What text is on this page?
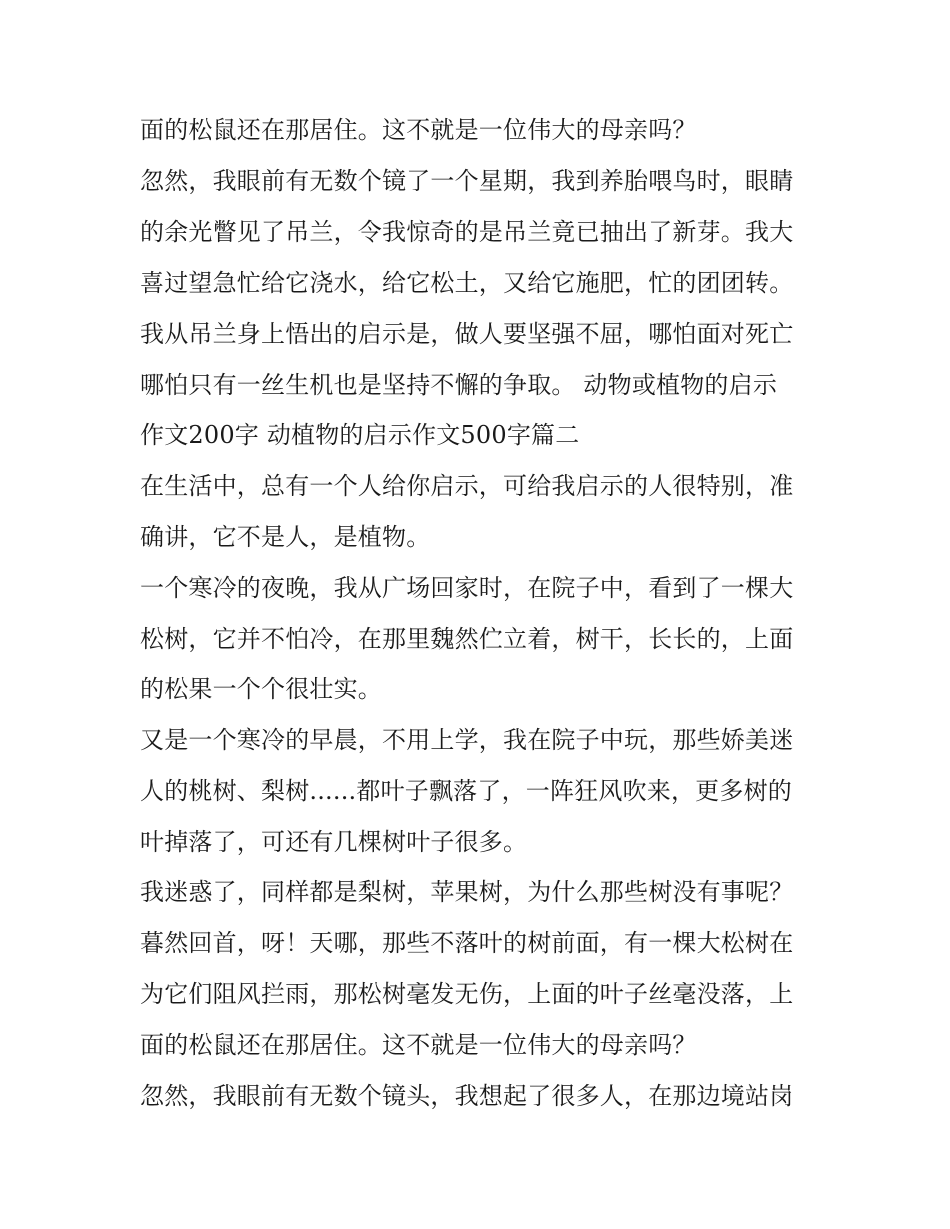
面的松鼠还在那居住。这不就是一位伟大的母亲吗？
忽然，我眼前有无数个镜了一个星期，我到养胎喂鸟时，眼睛
的余光瞥见了吊兰，令我惊奇的是吊兰竟已抽出了新芽。我大
喜过望急忙给它浇水，给它松土，又给它施肥，忙的团团转。
我从吊兰身上悟出的启示是，做人要坚强不屈，哪怕面对死亡
哪怕只有一丝生机也是坚持不懈的争取。 动物或植物的启示
作文200字 动植物的启示作文500字篇二
在生活中，总有一个人给你启示，可给我启示的人很特别，准
确讲，它不是人，是植物。
一个寒冷的夜晚，我从广场回家时，在院子中，看到了一棵大
松树，它并不怕冷，在那里魏然伫立着，树干，长长的，上面
的松果一个个很壮实。
又是一个寒冷的早晨，不用上学，我在院子中玩，那些娇美迷
人的桃树、梨树......都叶子飘落了，一阵狂风吹来，更多树的
叶掉落了，可还有几棵树叶子很多。
我迷惑了，同样都是梨树，苹果树，为什么那些树没有事呢？
暮然回首，呀！天哪，那些不落叶的树前面，有一棵大松树在
为它们阻风拦雨，那松树毫发无伤，上面的叶子丝毫没落，上
面的松鼠还在那居住。这不就是一位伟大的母亲吗？
忽然，我眼前有无数个镜头，我想起了很多人，在那边境站岗
